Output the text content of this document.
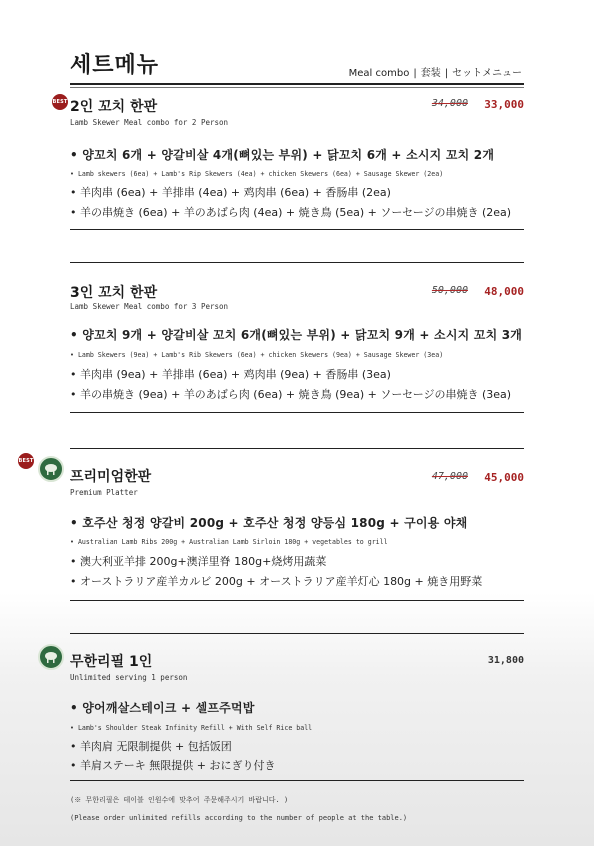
세트메뉴	Meal combo | 套装 | セットメニュー
BEST 2인 꼬치 한판
Lamb Skewer Meal combo for 2 Person
34,000 33,000
• 양꼬치 6개 + 양갈비살 4개(뼈있는 부위) + 닭꼬치 6개 + 소시지 꼬치 2개
• Lamb skewers (6ea) + Lamb's Rip Skewers (4ea) + chicken Skewers (6ea) + Sausage Skewer (2ea)
• 羊肉串 (6ea) + 羊排串 (4ea) + 鸡肉串 (6ea) + 香肠串 (2ea)
• 羊の串焼き (6ea) + 羊のあばら肉 (4ea) + 焼き鳥 (5ea) + ソーセージの串焼き (2ea)
3인 꼬치 한판
Lamb Skewer Meal combo for 3 Person
50,000 48,000
• 양꼬치 9개 + 양갈비살 꼬치 6개(뼈있는 부위) + 닭꼬치 9개 + 소시지 꼬치 3개
• Lamb Skewers (9ea) + Lamb's Rib Skewers (6ea) + chicken Skewers (9ea) + Sausage Skewer (3ea)
• 羊肉串 (9ea) + 羊排串 (6ea) + 鸡肉串 (9ea) + 香肠串 (3ea)
• 羊の串焼き (9ea) + 羊のあばら肉 (6ea) + 焼き鳥 (9ea) + ソーセージの串焼き (3ea)
BEST
프리미엄한판
Premium Platter
47,000 45,000
• 호주산 청정 양갈비 200g + 호주산 청정 양등심 180g + 구이용 야채
• Australian Lamb Ribs 200g + Australian Lamb Sirloin 180g + vegetables to grill
• 澳大利亚羊排 200g+澳洋里脊 180g+烧烤用蔬菜
• オーストラリア産羊カルビ 200g + オーストラリア産羊灯心 180g + 焼き用野菜
무한리필 1인
Unlimited serving 1 person
31,800
• 양어깨살스테이크 + 셀프주먹밥
• Lamb's Shoulder Steak Infinity Refill + With Self Rice ball
• 羊肉肩 无限制提供 + 包括饭团
• 羊肩ステーキ 無限提供 + おにぎり付き
(※ 무한리필은 테이블 인원수에 맞추어 주문해주시기 바랍니다. )
(Please order unlimited refills according to the number of people at the table.)
